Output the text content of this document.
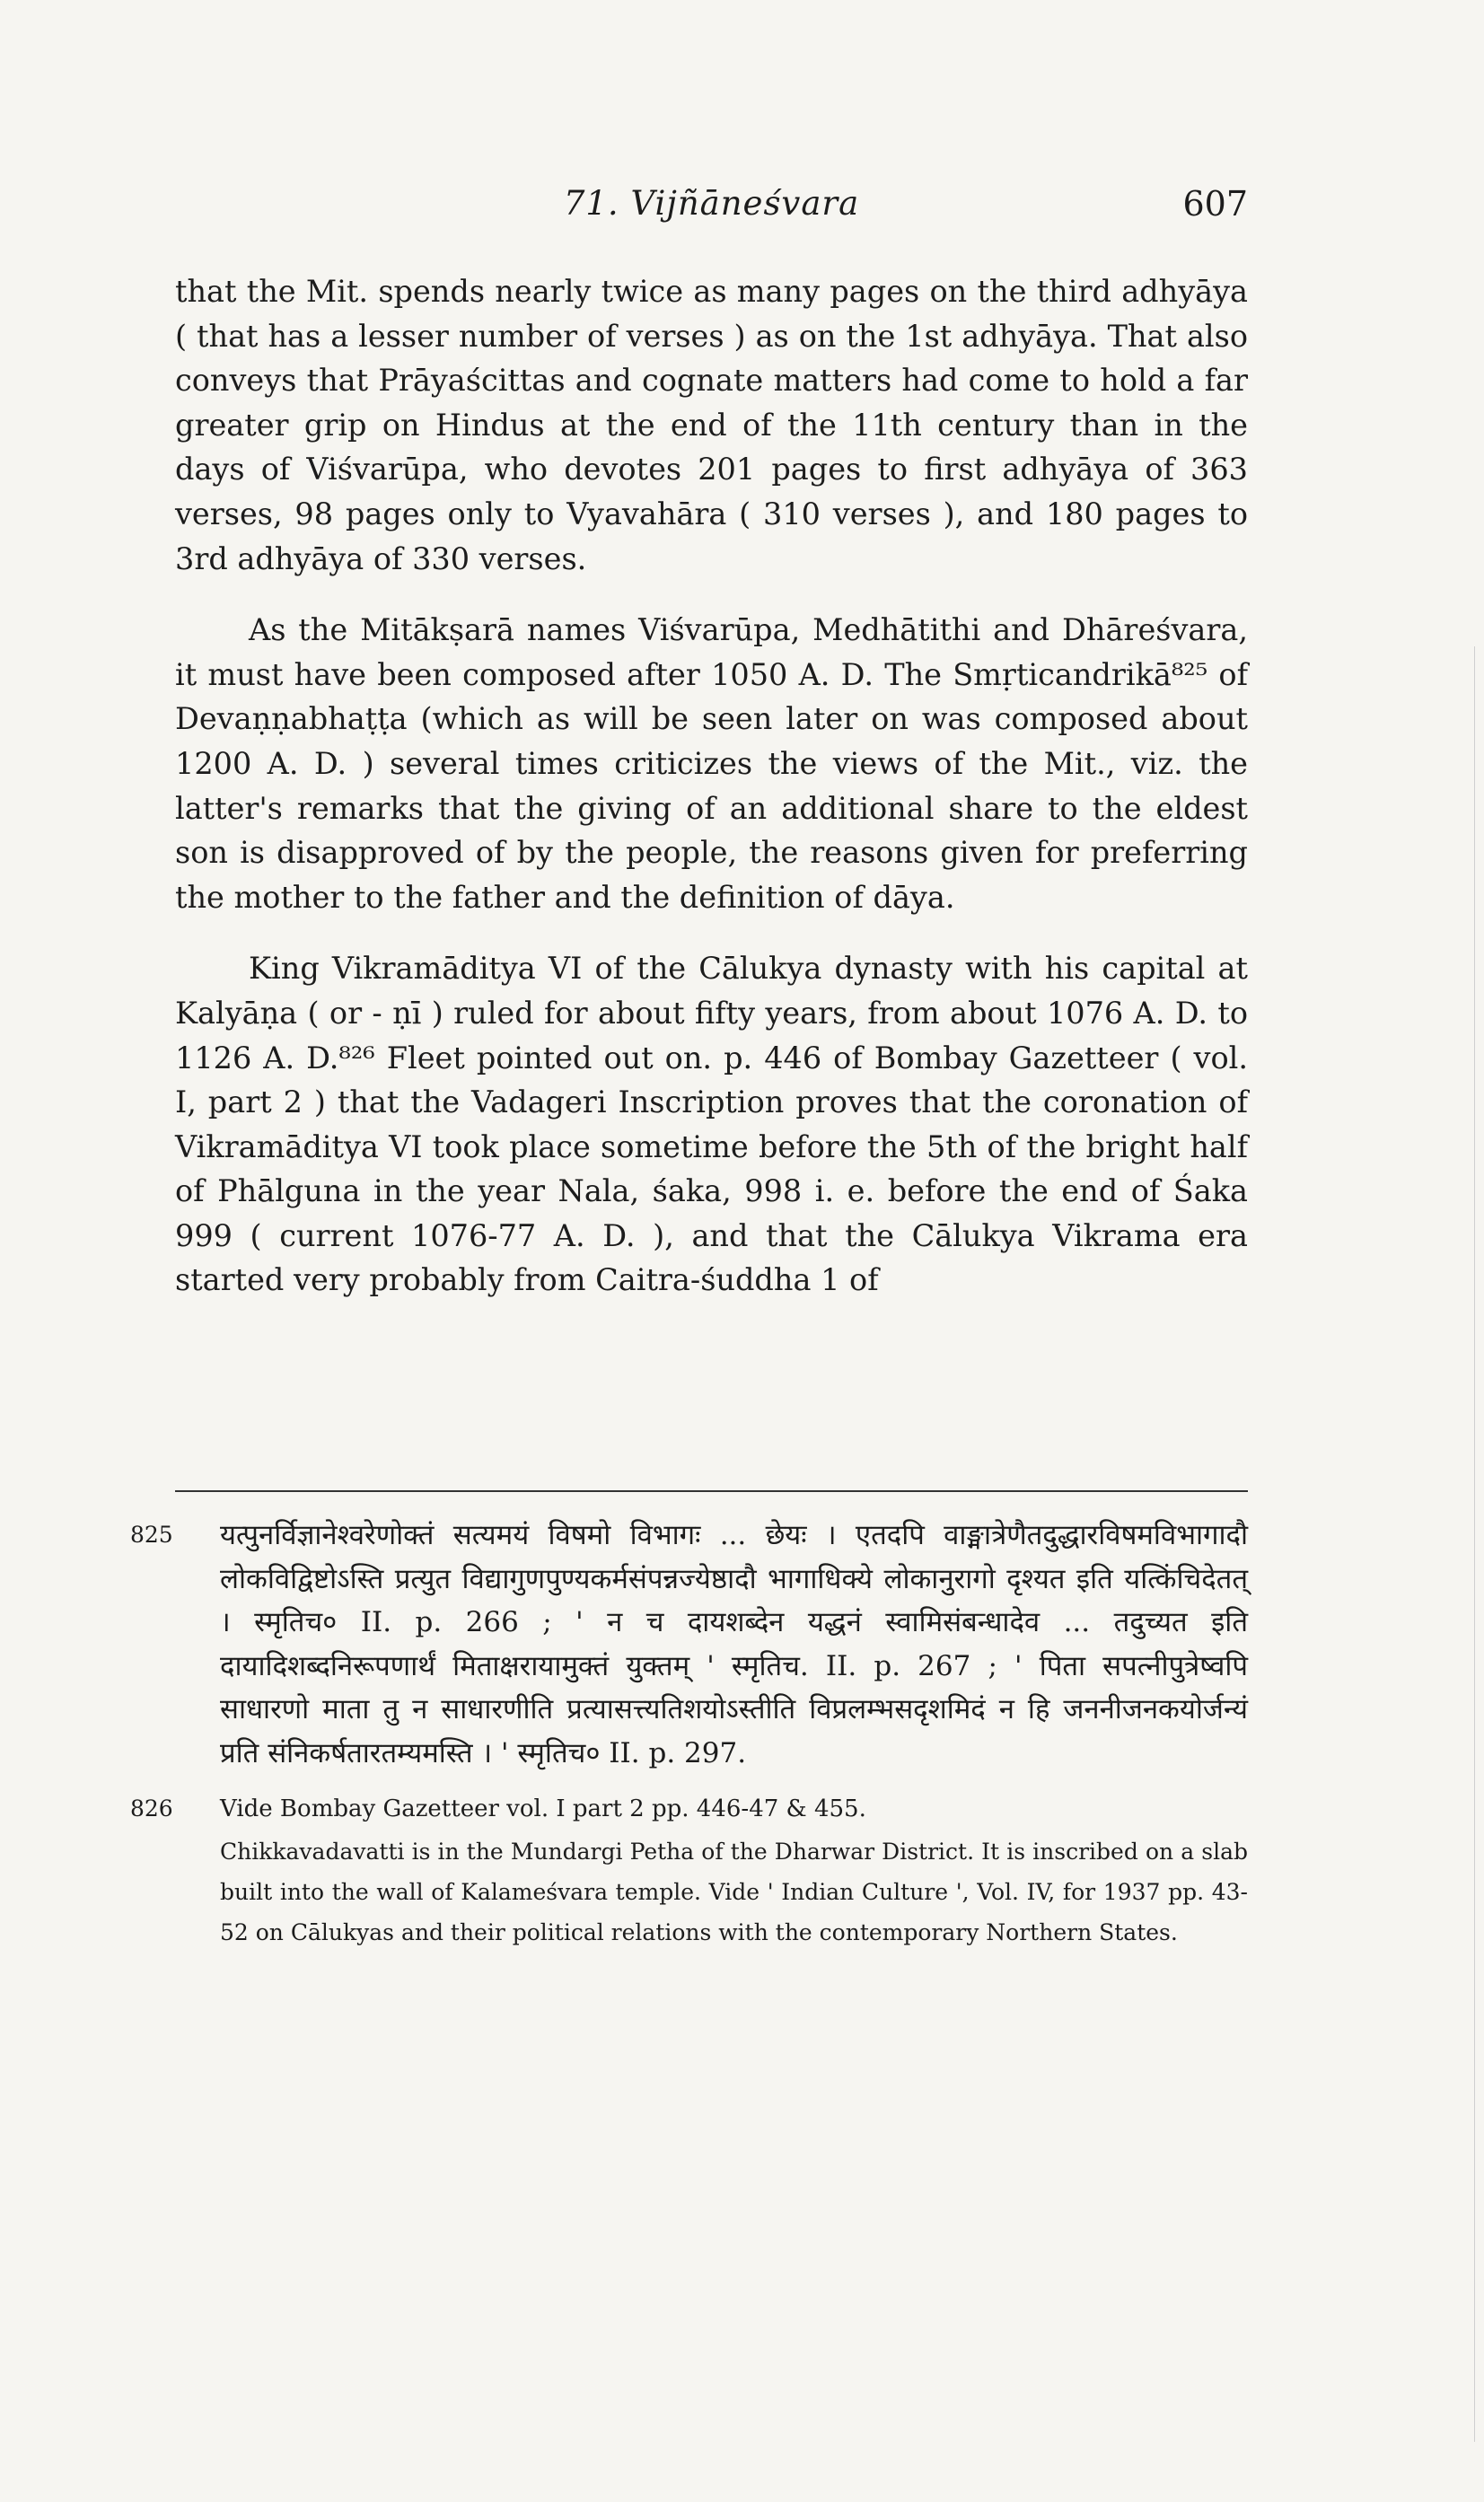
71. Vijñāneśvara	607

that the Mit. spends nearly twice as many pages on the third adhyāya ( that has a lesser number of verses ) as on the 1st adhyāya. That also conveys that Prāyaścittas and cognate matters had come to hold a far greater grip on Hindus at the end of the 11th century than in the days of Viśvarūpa, who devotes 201 pages to first adhyāya of 363 verses, 98 pages only to Vyavahāra ( 310 verses ), and 180 pages to 3rd adhyāya of 330 verses.

As the Mitākṣarā names Viśvarūpa, Medhātithi and Dhāreśvara, it must have been composed after 1050 A. D. The Smṛticandrikā⁸²⁵ of Devaṇṇabhaṭṭa (which as will be seen later on was composed about 1200 A. D. ) several times criticizes the views of the Mit., viz. the latter's remarks that the giving of an additional share to the eldest son is disapproved of by the people, the reasons given for preferring the mother to the father and the definition of dāya.

King Vikramāditya VI of the Cālukya dynasty with his capital at Kalyāṇa ( or - ṇī ) ruled for about fifty years, from about 1076 A. D. to 1126 A. D.⁸²⁶ Fleet pointed out on. p. 446 of Bombay Gazetteer ( vol. I, part 2 ) that the Vadageri Inscription proves that the coronation of Vikramāditya VI took place sometime before the 5th of the bright half of Phālguna in the year Nala, śaka, 998 i. e. before the end of Śaka 999 ( current 1076-77 A. D. ), and that the Cālukya Vikrama era started very probably from Caitra-śuddha 1 of

825 यत्पुनर्विज्ञानेश्वरेणोक्तं सत्यमयं विषमो विभागः ... छेयः । एतदपि वाङ्मात्रेणैतदुद्धारविषमविभागादौ लोकविद्विष्टोऽस्ति प्रत्युत विद्यागुणपुण्यकर्मसंपन्नज्येष्ठादौ भागाधिक्ये लोकानुरागो दृश्यत इति यत्किंचिदेतत् । स्मृतिच० II. p. 266 ; ' न च दायशब्देन यद्धनं स्वामिसंबन्धादेव ... तदुच्यत इति दायादिशब्दनिरूपणार्थं मिताक्षरायामुक्तं युक्तम् ' स्मृतिच. II. p. 267 ; ' पिता सपत्नीपुत्रेष्वपि साधारणो माता तु न साधारणीति प्रत्यासत्त्यतिशयोऽस्तीति विप्रलम्भसदृशमिदं न हि जननीजनकयोर्जन्यं प्रति संनिकर्षतारतम्यमस्ति । ' स्मृतिच० II. p. 297.

826 Vide Bombay Gazetteer vol. I part 2 pp. 446-47 & 455.

Chikkavadavatti is in the Mundargi Petha of the Dharwar District. It is inscribed on a slab built into the wall of Kalameśvara temple. Vide ' Indian Culture ', Vol. IV, for 1937 pp. 43-52 on Cālukyas and their political relations with the contemporary Northern States.
